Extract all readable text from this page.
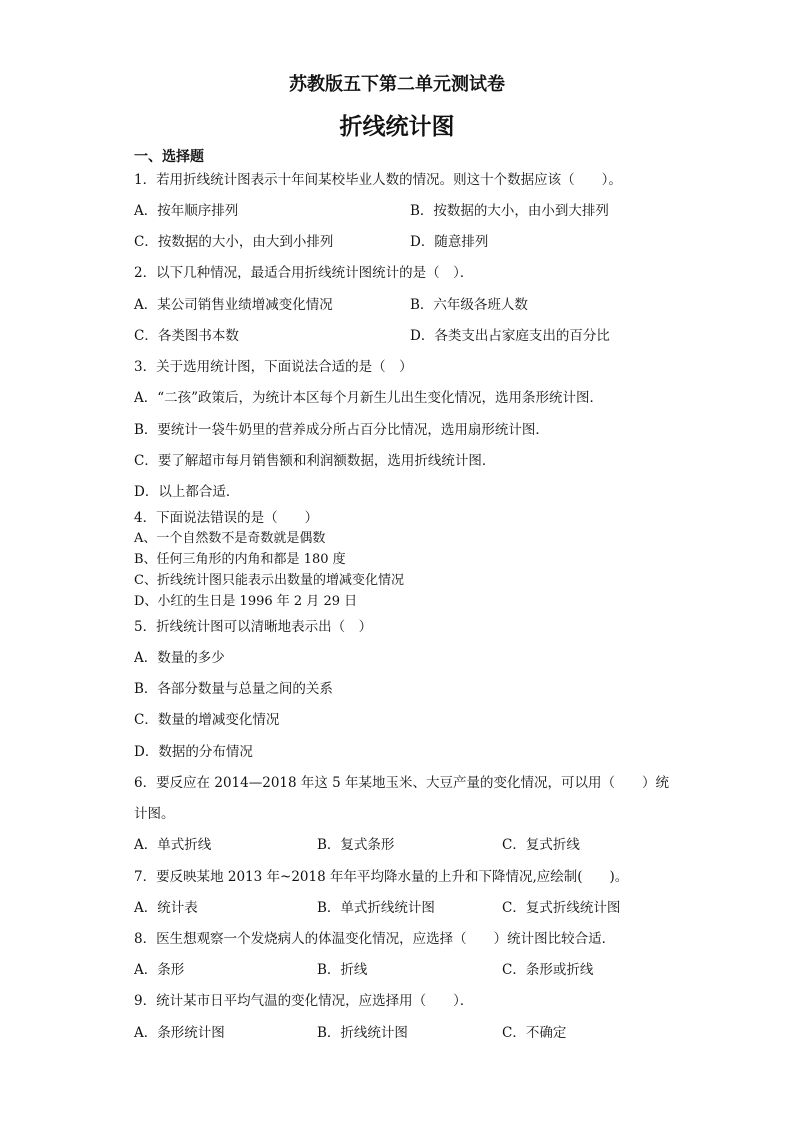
苏教版五下第二单元测试卷
折线统计图
一、选择题
1．若用折线统计图表示十年间某校毕业人数的情况。则这十个数据应该（　　）。
A．按年顺序排列	B．按数据的大小，由小到大排列
C．按数据的大小，由大到小排列	D．随意排列
2．以下几种情况，最适合用折线统计图统计的是（　）．
A．某公司销售业绩增减变化情况	B．六年级各班人数
C．各类图书本数	D．各类支出占家庭支出的百分比
3．关于选用统计图，下面说法合适的是（　）
A．“二孩”政策后，为统计本区每个月新生儿出生变化情况，选用条形统计图．
B．要统计一袋牛奶里的营养成分所占百分比情况，选用扇形统计图．
C．要了解超市每月销售额和利润额数据，选用折线统计图．
D．以上都合适．
4．下面说法错误的是（　　）
A、一个自然数不是奇数就是偶数
B、任何三角形的内角和都是 180 度
C、折线统计图只能表示出数量的增减变化情况
D、小红的生日是 1996 年 2 月 29 日
5．折线统计图可以清晰地表示出（　）
A．数量的多少
B．各部分数量与总量之间的关系
C．数量的增减变化情况
D．数据的分布情况
6．要反应在 2014—2018 年这 5 年某地玉米、大豆产量的变化情况，可以用（　　）统
计图。
A．单式折线	B．复式条形	C．复式折线
7．要反映某地 2013 年~2018 年年平均降水量的上升和下降情况,应绘制(　　)。
A．统计表	B．单式折线统计图	C．复式折线统计图
8．医生想观察一个发烧病人的体温变化情况，应选择（　　）统计图比较合适．
A．条形	B．折线	C．条形或折线
9．统计某市日平均气温的变化情况，应选择用（　　）．
A．条形统计图	B．折线统计图	C．不确定
